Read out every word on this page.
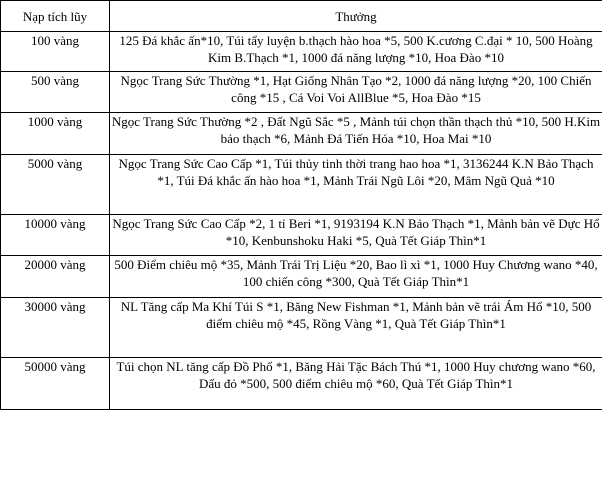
Nạp tích lũy	Thưởng
100 vàng	125 Đá khắc ấn*10, Túi tẩy luyện b.thạch hào hoa *5, 500 K.cương C.đại * 10, 500 Hoàng Kim B.Thạch *1, 1000 đá năng lượng *10, Hoa Đào *10
500 vàng	Ngọc Trang Sức Thường *1, Hạt Giống Nhân Tạo *2, 1000 đá năng lượng *20, 100 Chiến công *15 , Cá Voi Voi AllBlue *5, Hoa Đào *15
1000 vàng	Ngọc Trang Sức Thường *2 , Đất Ngũ Sắc *5 , Mảnh túi chọn thần thạch thủ *10, 500 H.Kim bảo thạch *6, Mảnh Đá Tiến Hóa *10, Hoa Mai *10
5000 vàng	Ngọc Trang Sức Cao Cấp *1, Túi thủy tinh thời trang hao hoa *1, 3136244 K.N Bảo Thạch *1, Túi Đá khắc ấn hào hoa *1, Mảnh Trái Ngũ Lôi *20, Mâm Ngũ Quả *10
10000 vàng	Ngọc Trang Sức Cao Cấp *2, 1 tỉ Beri *1, 9193194 K.N Bảo Thạch *1, Mảnh bản vẽ Dực Hổ *10, Kenbunshoku Haki *5, Quà Tết Giáp Thìn*1
20000 vàng	500 Điểm chiêu mộ *35, Mảnh Trái Trị Liệu *20, Bao lì xì *1, 1000 Huy Chương wano *40, 100 chiến công *300, Quà Tết Giáp Thìn*1
30000 vàng	NL Tăng cấp Ma Khí Túi S *1, Băng New Fishman *1, Mảnh bản vẽ trái Ám Hổ *10, 500 điểm chiêu mộ *45, Rồng Vàng *1, Quà Tết Giáp Thìn*1
50000 vàng	Túi chọn NL tăng cấp Đồ Phổ *1, Băng Hải Tặc Bách Thú *1, 1000 Huy chương wano *60, Dấu đỏ *500, 500 điểm chiêu mộ *60, Quà Tết Giáp Thìn*1
